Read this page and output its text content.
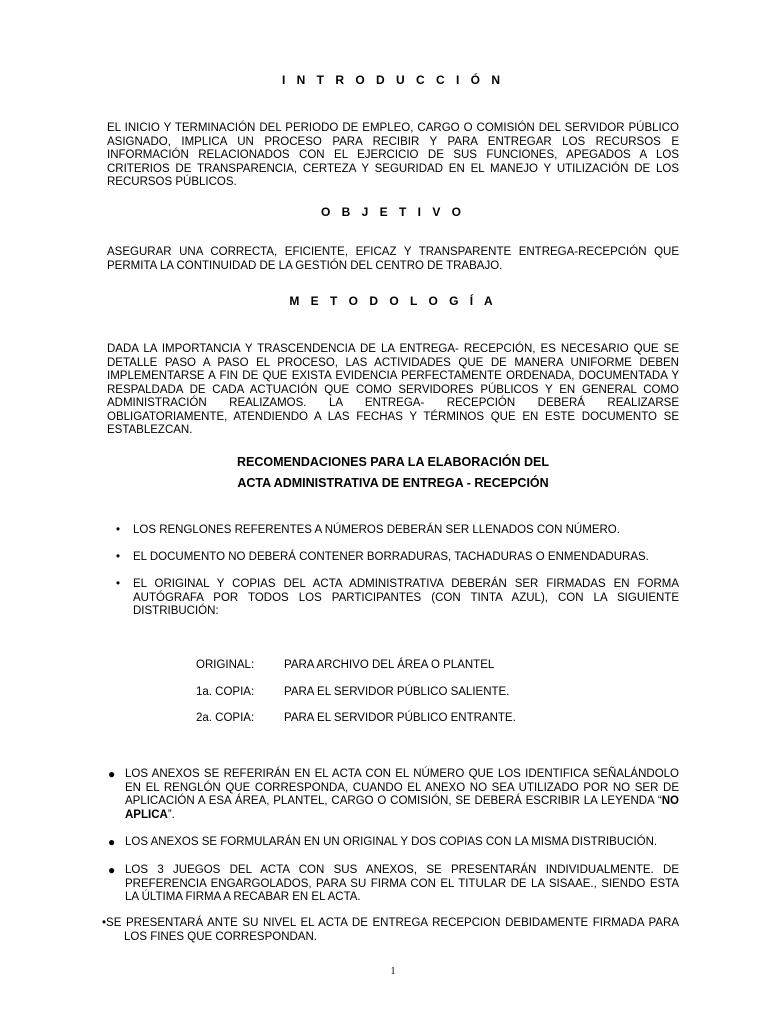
I N T R O D U C C I Ó N
EL INICIO Y TERMINACIÓN DEL PERIODO DE EMPLEO, CARGO O COMISIÓN DEL SERVIDOR PÚBLICO ASIGNADO, IMPLICA UN PROCESO PARA RECIBIR Y PARA ENTREGAR LOS RECURSOS E INFORMACIÓN RELACIONADOS CON EL EJERCICIO DE SUS FUNCIONES, APEGADOS A LOS CRITERIOS DE TRANSPARENCIA, CERTEZA Y SEGURIDAD EN EL MANEJO Y UTILIZACIÓN DE LOS RECURSOS PÚBLICOS.
O B J E T I V O
ASEGURAR UNA CORRECTA, EFICIENTE, EFICAZ Y TRANSPARENTE ENTREGA-RECEPCIÓN QUE PERMITA LA CONTINUIDAD DE LA GESTIÓN DEL CENTRO DE TRABAJO.
M E T O D O L O G Í A
DADA LA IMPORTANCIA Y TRASCENDENCIA DE LA ENTREGA- RECEPCIÓN, ES NECESARIO QUE SE DETALLE PASO A PASO EL PROCESO, LAS ACTIVIDADES QUE DE MANERA UNIFORME DEBEN IMPLEMENTARSE A FIN DE QUE EXISTA EVIDENCIA PERFECTAMENTE ORDENADA, DOCUMENTADA Y RESPALDADA DE CADA ACTUACIÓN QUE COMO SERVIDORES PÚBLICOS Y EN GENERAL COMO ADMINISTRACIÓN REALIZAMOS. LA ENTREGA- RECEPCIÓN DEBERÁ REALIZARSE OBLIGATORIAMENTE, ATENDIENDO A LAS FECHAS Y TÉRMINOS QUE EN ESTE DOCUMENTO SE ESTABLEZCAN.
RECOMENDACIONES PARA LA ELABORACIÓN DEL
ACTA ADMINISTRATIVA DE ENTREGA - RECEPCIÓN
• LOS RENGLONES REFERENTES A NÚMEROS DEBERÁN SER LLENADOS CON NÚMERO.
• EL DOCUMENTO NO DEBERÁ CONTENER BORRADURAS, TACHADURAS O ENMENDADURAS.
• EL ORIGINAL Y COPIAS DEL ACTA ADMINISTRATIVA DEBERÁN SER FIRMADAS EN FORMA AUTÓGRAFA POR TODOS LOS PARTICIPANTES (CON TINTA AZUL), CON LA SIGUIENTE DISTRIBUCIÓN:
ORIGINAL:	PARA ARCHIVO DEL ÁREA O PLANTEL
1a. COPIA:	PARA EL SERVIDOR PÚBLICO SALIENTE.
2a. COPIA:	PARA EL SERVIDOR PÚBLICO ENTRANTE.
● LOS ANEXOS SE REFERIRÁN EN EL ACTA CON EL NÚMERO QUE LOS IDENTIFICA SEÑALÁNDOLO EN EL RENGLÓN QUE CORRESPONDA, CUANDO EL ANEXO NO SEA UTILIZADO POR NO SER DE APLICACIÓN A ESA ÁREA, PLANTEL, CARGO O COMISIÓN, SE DEBERÁ ESCRIBIR LA LEYENDA “NO APLICA”.
● LOS ANEXOS SE FORMULARÁN EN UN ORIGINAL Y DOS COPIAS CON LA MISMA DISTRIBUCIÓN.
● LOS 3 JUEGOS DEL ACTA CON SUS ANEXOS, SE PRESENTARÁN INDIVIDUALMENTE. DE PREFERENCIA ENGARGOLADOS, PARA SU FIRMA CON EL TITULAR DE LA SISAAE., SIENDO ESTA LA ÚLTIMA FIRMA A RECABAR EN EL ACTA.
•SE PRESENTARÁ ANTE SU NIVEL EL ACTA DE ENTREGA RECEPCION DEBIDAMENTE FIRMADA PARA
LOS FINES QUE CORRESPONDAN.
1
